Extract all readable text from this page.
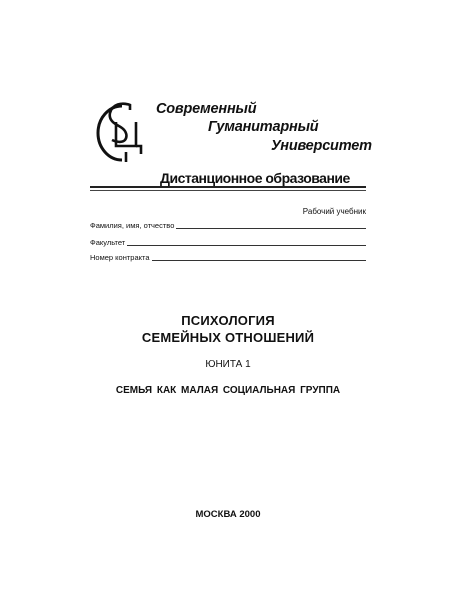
Современный
Гуманитарный
Университет
Дистанционное образование
Рабочий учебник
Фамилия, имя, отчество
Факультет
Номер контракта
ПСИХОЛОГИЯ
СЕМЕЙНЫХ ОТНОШЕНИЙ
ЮНИТА 1
СЕМЬЯ КАК МАЛАЯ СОЦИАЛЬНАЯ ГРУППА
МОСКВА 2000
